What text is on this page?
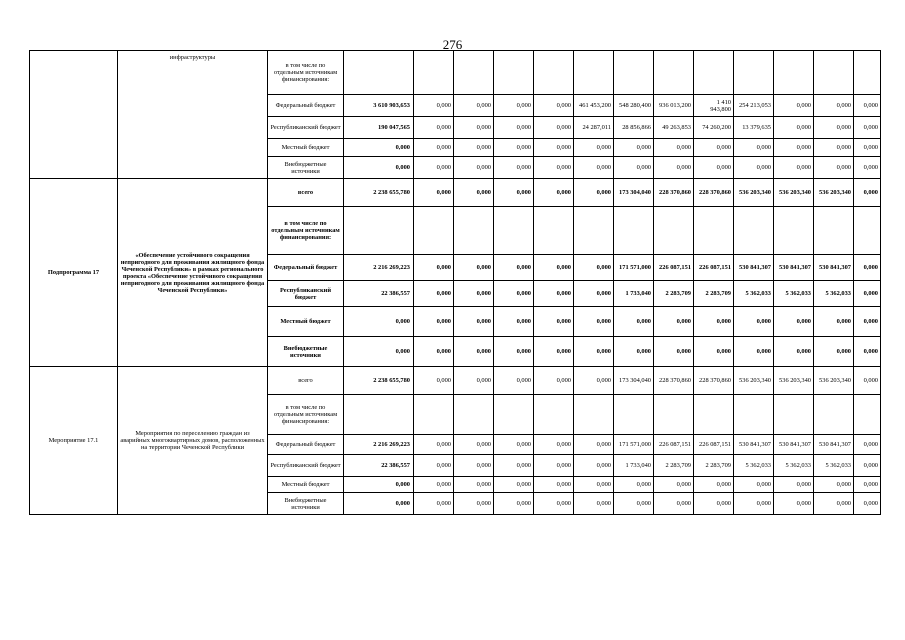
276
	инфраструктуры	в том числе по отдельным источникам финансирования:													
		Федеральный бюджет	3 610 903,653	0,000	0,000	0,000	0,000	461 453,200	548 280,400	936 013,200	1 410 943,800	254 213,053	0,000	0,000	0,000
		Республиканский бюджет	190 047,565	0,000	0,000	0,000	0,000	24 287,011	28 856,866	49 263,853	74 260,200	13 379,635	0,000	0,000	0,000
		Местный бюджет	0,000	0,000	0,000	0,000	0,000	0,000	0,000	0,000	0,000	0,000	0,000	0,000	0,000
		Внебюджетные источники	0,000	0,000	0,000	0,000	0,000	0,000	0,000	0,000	0,000	0,000	0,000	0,000	0,000
Подпрограмма 17	«Обеспечение устойчивого сокращения непригодного для проживания жилищного фонда Чеченской Республики» в рамках регионального проекта «Обеспечение устойчивого сокращения непригодного для проживания жилищного фонда Чеченской Республики»	всего	2 238 655,780	0,000	0,000	0,000	0,000	0,000	173 304,040	228 370,860	228 370,860	536 203,340	536 203,340	536 203,340	0,000
		в том числе по отдельным источникам финансирования:													
		Федеральный бюджет	2 216 269,223	0,000	0,000	0,000	0,000	0,000	171 571,000	226 087,151	226 087,151	530 841,307	530 841,307	530 841,307	0,000
		Республиканский бюджет	22 386,557	0,000	0,000	0,000	0,000	0,000	1 733,040	2 283,709	2 283,709	5 362,033	5 362,033	5 362,033	0,000
		Местный бюджет	0,000	0,000	0,000	0,000	0,000	0,000	0,000	0,000	0,000	0,000	0,000	0,000	0,000
		Внебюджетные источники	0,000	0,000	0,000	0,000	0,000	0,000	0,000	0,000	0,000	0,000	0,000	0,000	0,000
Мероприятие 17.1	Мероприятия по переселению граждан из аварийных многоквартирных домов, расположенных на территории Чеченской Республики	всего	2 238 655,780	0,000	0,000	0,000	0,000	0,000	173 304,040	228 370,860	228 370,860	536 203,340	536 203,340	536 203,340	0,000
		в том числе по отдельным источникам финансирования:													
		Федеральный бюджет	2 216 269,223	0,000	0,000	0,000	0,000	0,000	171 571,000	226 087,151	226 087,151	530 841,307	530 841,307	530 841,307	0,000
		Республиканский бюджет	22 386,557	0,000	0,000	0,000	0,000	0,000	1 733,040	2 283,709	2 283,709	5 362,033	5 362,033	5 362,033	0,000
		Местный бюджет	0,000	0,000	0,000	0,000	0,000	0,000	0,000	0,000	0,000	0,000	0,000	0,000	0,000
		Внебюджетные источники	0,000	0,000	0,000	0,000	0,000	0,000	0,000	0,000	0,000	0,000	0,000	0,000	0,000
